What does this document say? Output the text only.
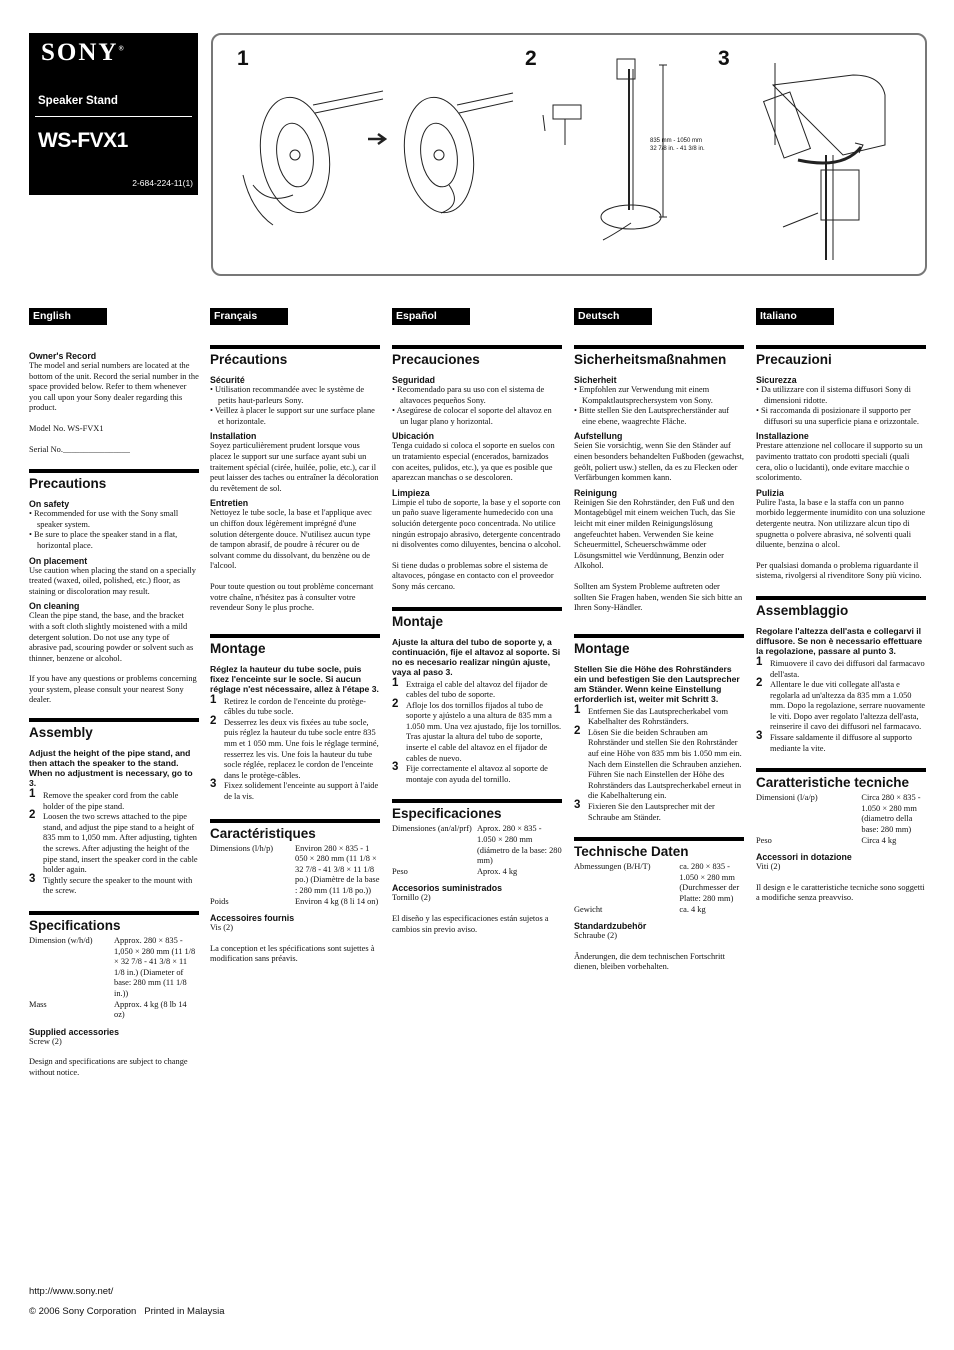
SONY®
Speaker Stand
WS-FVX1
2-684-224-11(1)
1	2	3
835 mm - 1050 mm
32 7/8 in. - 41 3/8 in.
English
Owner's Record
The model and serial numbers are located at the bottom of the unit. Record the serial number in the space provided below. Refer to them whenever you call upon your Sony dealer regarding this product.
Model No. WS-FVX1
Serial No.________________
Precautions
On safety
• Recommended for use with the Sony small speaker system.
• Be sure to place the speaker stand in a flat, horizontal place.
On placement
Use caution when placing the stand on a specially treated (waxed, oiled, polished, etc.) floor, as staining or discoloration may result.
On cleaning
Clean the pipe stand, the base, and the bracket with a soft cloth slightly moistened with a mild detergent solution. Do not use any type of abrasive pad, scouring powder or solvent such as thinner, benzene or alcohol.
If you have any questions or problems concerning your system, please consult your nearest Sony dealer.
Assembly
Adjust the height of the pipe stand, and then attach the speaker to the stand. When no adjustment is necessary, go to 3.
1 Remove the speaker cord from the cable holder of the pipe stand.
2 Loosen the two screws attached to the pipe stand, and adjust the pipe stand to a height of 835 mm to 1,050 mm. After adjusting, tighten the screws. After adjusting the height of the pipe stand, insert the speaker cord in the cable holder again.
3 Tightly secure the speaker to the mount with the screw.
Specifications
Dimension (w/h/d)	Approx. 280 × 835 - 1,050 × 280 mm (11 1/8 × 32 7/8 - 41 3/8 × 11 1/8 in.) (Diameter of base: 280 mm (11 1/8 in.))
Mass	Approx. 4 kg (8 lb 14 oz)
Supplied accessories
Screw (2)
Design and specifications are subject to change without notice.
Français
Précautions
Sécurité
• Utilisation recommandée avec le système de petits haut-parleurs Sony.
• Veillez à placer le support sur une surface plane et horizontale.
Installation
Soyez particulièrement prudent lorsque vous placez le support sur une surface ayant subi un traitement spécial (cirée, huilée, polie, etc.), car il peut laisser des taches ou entraîner la décoloration du revêtement de sol.
Entretien
Nettoyez le tube socle, la base et l'applique avec un chiffon doux légèrement imprégné d'une solution détergente douce. N'utilisez aucun type de tampon abrasif, de poudre à récurer ou de solvant comme du dissolvant, du benzène ou de l'alcool.
Pour toute question ou tout problème concernant votre chaîne, n'hésitez pas à consulter votre revendeur Sony le plus proche.
Montage
Réglez la hauteur du tube socle, puis fixez l'enceinte sur le socle. Si aucun réglage n'est nécessaire, allez à l'étape 3.
1 Retirez le cordon de l'enceinte du protège-câbles du tube socle.
2 Desserrez les deux vis fixées au tube socle, puis réglez la hauteur du tube socle entre 835 mm et 1 050 mm. Une fois le réglage terminé, resserrez les vis. Une fois la hauteur du tube socle réglée, replacez le cordon de l'enceinte dans le protège-câbles.
3 Fixez solidement l'enceinte au support à l'aide de la vis.
Caractéristiques
Dimensions (l/h/p)	Environ 280 × 835 - 1 050 × 280 mm (11 1/8 × 32 7/8 - 41 3/8 × 11 1/8 po.) (Diamètre de la base : 280 mm (11 1/8 po.))
Poids	Environ 4 kg (8 li 14 on)
Accessoires fournis
Vis (2)
La conception et les spécifications sont sujettes à modification sans préavis.
Español
Precauciones
Seguridad
• Recomendado para su uso con el sistema de altavoces pequeños Sony.
• Asegúrese de colocar el soporte del altavoz en un lugar plano y horizontal.
Ubicación
Tenga cuidado si coloca el soporte en suelos con un tratamiento especial (encerados, barnizados con aceites, pulidos, etc.), ya que es posible que aparezcan manchas o se descoloren.
Limpieza
Limpie el tubo de soporte, la base y el soporte con un paño suave ligeramente humedecido con una solución detergente poco concentrada. No utilice ningún estropajo abrasivo, detergente concentrado ni disolventes como diluyentes, bencina o alcohol.
Si tiene dudas o problemas sobre el sistema de altavoces, póngase en contacto con el proveedor Sony más cercano.
Montaje
Ajuste la altura del tubo de soporte y, a continuación, fije el altavoz al soporte. Si no es necesario realizar ningún ajuste, vaya al paso 3.
1 Extraiga el cable del altavoz del fijador de cables del tubo de soporte.
2 Afloje los dos tornillos fijados al tubo de soporte y ajústelo a una altura de 835 mm a 1.050 mm. Una vez ajustado, fije los tornillos. Tras ajustar la altura del tubo de soporte, inserte el cable del altavoz en el fijador de cables de nuevo.
3 Fije correctamente el altavoz al soporte de montaje con ayuda del tornillo.
Especificaciones
Dimensiones (an/al/prf) Aprox. 280 × 835 - 1.050 × 280 mm (diámetro de la base: 280 mm)
Peso	Aprox. 4 kg
Accesorios suministrados
Tornillo (2)
El diseño y las especificaciones están sujetos a cambios sin previo aviso.
Deutsch
Sicherheitsmaßnahmen
Sicherheit
• Empfohlen zur Verwendung mit einem Kompaktlautsprechersystem von Sony.
• Bitte stellen Sie den Lautsprecherständer auf eine ebene, waagrechte Fläche.
Aufstellung
Seien Sie vorsichtig, wenn Sie den Ständer auf einen besonders behandelten Fußboden (gewachst, geölt, poliert usw.) stellen, da es zu Flecken oder Verfärbungen kommen kann.
Reinigung
Reinigen Sie den Rohrständer, den Fuß und den Montagebügel mit einem weichen Tuch, das Sie leicht mit einer milden Reinigungslösung angefeuchtet haben. Verwenden Sie keine Scheuermittel, Scheuerschwämme oder Lösungsmittel wie Verdünnung, Benzin oder Alkohol.
Sollten am System Probleme auftreten oder sollten Sie Fragen haben, wenden Sie sich bitte an Ihren Sony-Händler.
Montage
Stellen Sie die Höhe des Rohrständers ein und befestigen Sie den Lautsprecher am Ständer. Wenn keine Einstellung erforderlich ist, weiter mit Schritt 3.
1 Entfernen Sie das Lautsprecherkabel vom Kabelhalter des Rohrständers.
2 Lösen Sie die beiden Schrauben am Rohrständer und stellen Sie den Rohrständer auf eine Höhe von 835 mm bis 1.050 mm ein. Nach dem Einstellen die Schrauben anziehen. Führen Sie nach Einstellen der Höhe des Rohrständers das Lautsprecherkabel erneut in die Kabelhalterung ein.
3 Fixieren Sie den Lautsprecher mit der Schraube am Ständer.
Technische Daten
Abmessungen (B/H/T)	ca. 280 × 835 - 1.050 × 280 mm (Durchmesser der Platte: 280 mm)
Gewicht	ca. 4 kg
Standardzubehör
Schraube (2)
Änderungen, die dem technischen Fortschritt dienen, bleiben vorbehalten.
Italiano
Precauzioni
Sicurezza
• Da utilizzare con il sistema diffusori Sony di dimensioni ridotte.
• Si raccomanda di posizionare il supporto per diffusori su una superficie piana e orizzontale.
Installazione
Prestare attenzione nel collocare il supporto su un pavimento trattato con prodotti speciali (quali cera, olio o lucidanti), onde evitare macchie o scolorimento.
Pulizia
Pulire l'asta, la base e la staffa con un panno morbido leggermente inumidito con una soluzione detergente neutra. Non utilizzare alcun tipo di spugnetta o polvere abrasiva, né solventi quali diluente, benzina o alcol.
Per qualsiasi domanda o problema riguardante il sistema, rivolgersi al rivenditore Sony più vicino.
Assemblaggio
Regolare l'altezza dell'asta e collegarvi il diffusore. Se non è necessario effettuare la regolazione, passare al punto 3.
1 Rimuovere il cavo dei diffusori dal farmacavo dell'asta.
2 Allentare le due viti collegate all'asta e regolarla ad un'altezza da 835 mm a 1.050 mm. Dopo la regolazione, serrare nuovamente le viti. Dopo aver regolato l'altezza dell'asta, reinserire il cavo dei diffusori nel farmacavo.
3 Fissare saldamente il diffusore al supporto mediante la vite.
Caratteristiche tecniche
Dimensioni (l/a/p)	Circa 280 × 835 - 1.050 × 280 mm (diametro della base: 280 mm)
Peso	Circa 4 kg
Accessori in dotazione
Viti (2)
Il design e le caratteristiche tecniche sono soggetti a modifiche senza preavviso.
http://www.sony.net/
© 2006 Sony Corporation   Printed in Malaysia
